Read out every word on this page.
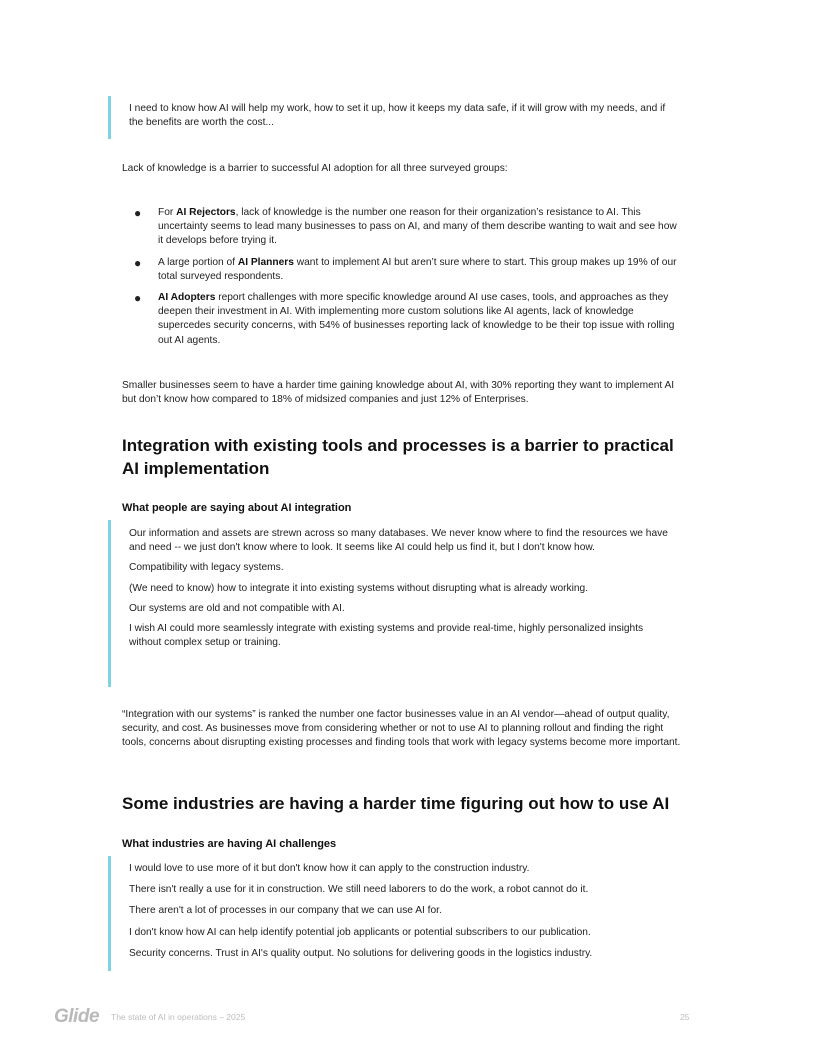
I need to know how AI will help my work, how to set it up, how it keeps my data safe, if it will grow with my needs, and if the benefits are worth the cost...

Lack of knowledge is a barrier to successful AI adoption for all three surveyed groups:

● For AI Rejectors, lack of knowledge is the number one reason for their organization’s resistance to AI. This uncertainty seems to lead many businesses to pass on AI, and many of them describe wanting to wait and see how it develops before trying it.
● A large portion of AI Planners want to implement AI but aren’t sure where to start. This group makes up 19% of our total surveyed respondents.
● AI Adopters report challenges with more specific knowledge around AI use cases, tools, and approaches as they deepen their investment in AI. With implementing more custom solutions like AI agents, lack of knowledge supercedes security concerns, with 54% of businesses reporting lack of knowledge to be their top issue with rolling out AI agents.

Smaller businesses seem to have a harder time gaining knowledge about AI, with 30% reporting they want to implement AI but don’t know how compared to 18% of midsized companies and just 12% of Enterprises.

Integration with existing tools and processes is a barrier to practical AI implementation
What people are saying about AI integration

Our information and assets are strewn across so many databases. We never know where to find the resources we have and need -- we just don't know where to look. It seems like AI could help us find it, but I don't know how.

Compatibility with legacy systems.

(We need to know) how to integrate it into existing systems without disrupting what is already working.

Our systems are old and not compatible with AI.

I wish AI could more seamlessly integrate with existing systems and provide real-time, highly personalized insights without complex setup or training.

“Integration with our systems” is ranked the number one factor businesses value in an AI vendor—ahead of output quality, security, and cost. As businesses move from considering whether or not to use AI to planning rollout and finding the right tools, concerns about disrupting existing processes and finding tools that work with legacy systems become more important.

Some industries are having a harder time figuring out how to use AI
What industries are having AI challenges

I would love to use more of it but don't know how it can apply to the construction industry.

There isn't really a use for it in construction. We still need laborers to do the work, a robot cannot do it.

There aren't a lot of processes in our company that we can use AI for.

I don't know how AI can help identify potential job applicants or potential subscribers to our publication.

Security concerns. Trust in AI's quality output. No solutions for delivering goods in the logistics industry.

Glide The state of AI in operations – 2025	25
